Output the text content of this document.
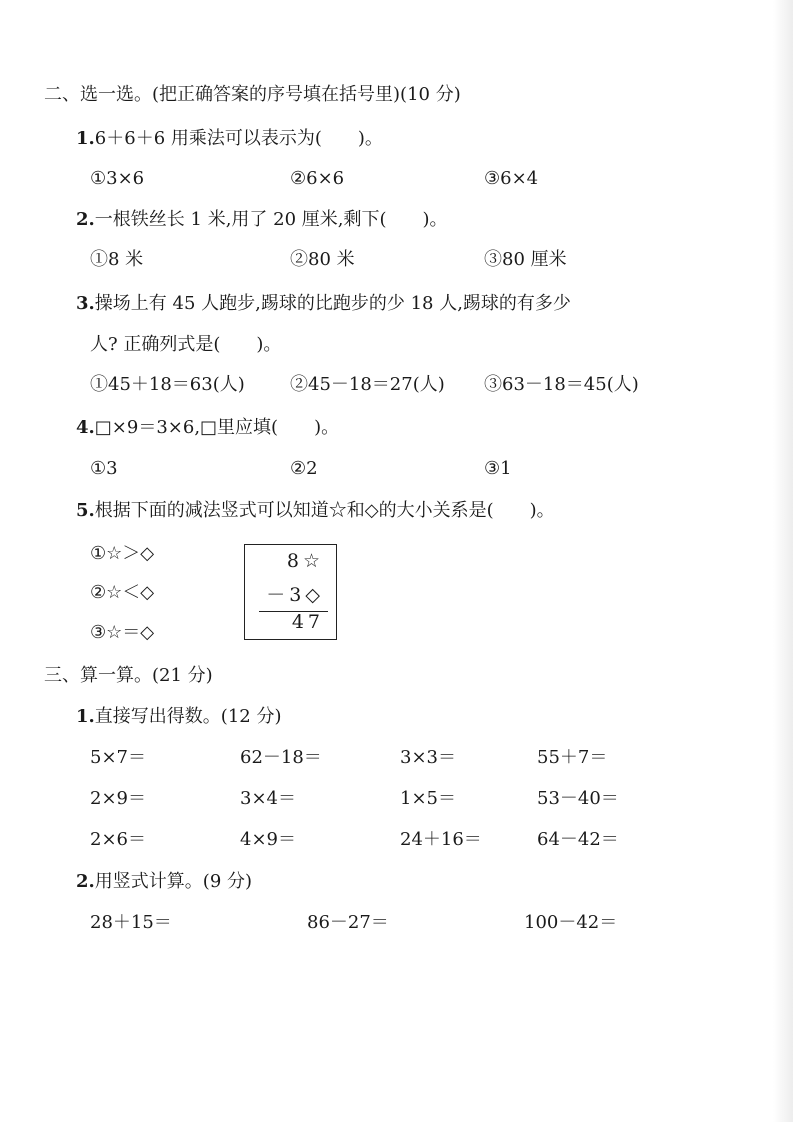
二、选一选。(把正确答案的序号填在括号里)(10 分)
1.6＋6＋6 用乘法可以表示为(　　)。
①3×6	②6×6	③6×4
2.一根铁丝长 1 米,用了 20 厘米,剩下(　　)。
①8 米	②80 米	③80 厘米
3.操场上有 45 人跑步,踢球的比跑步的少 18 人,踢球的有多少
人? 正确列式是(　　)。
①45＋18＝63(人)	②45－18＝27(人) ③63－18＝45(人)
4.□×9＝3×6,□里应填(　　)。
①3	②2	③1
5.根据下面的减法竖式可以知道☆和◇的大小关系是(　　)。
①☆＞◇
②☆＜◇
③☆＝◇
8☆
－3◇
47
三、算一算。(21 分)
1.直接写出得数。(12 分)
5×7＝	62－18＝	3×3＝	55＋7＝
2×9＝	3×4＝	1×5＝	53－40＝
2×6＝	4×9＝	24＋16＝	64－42＝
2.用竖式计算。(9 分)
28＋15＝	86－27＝	100－42＝
